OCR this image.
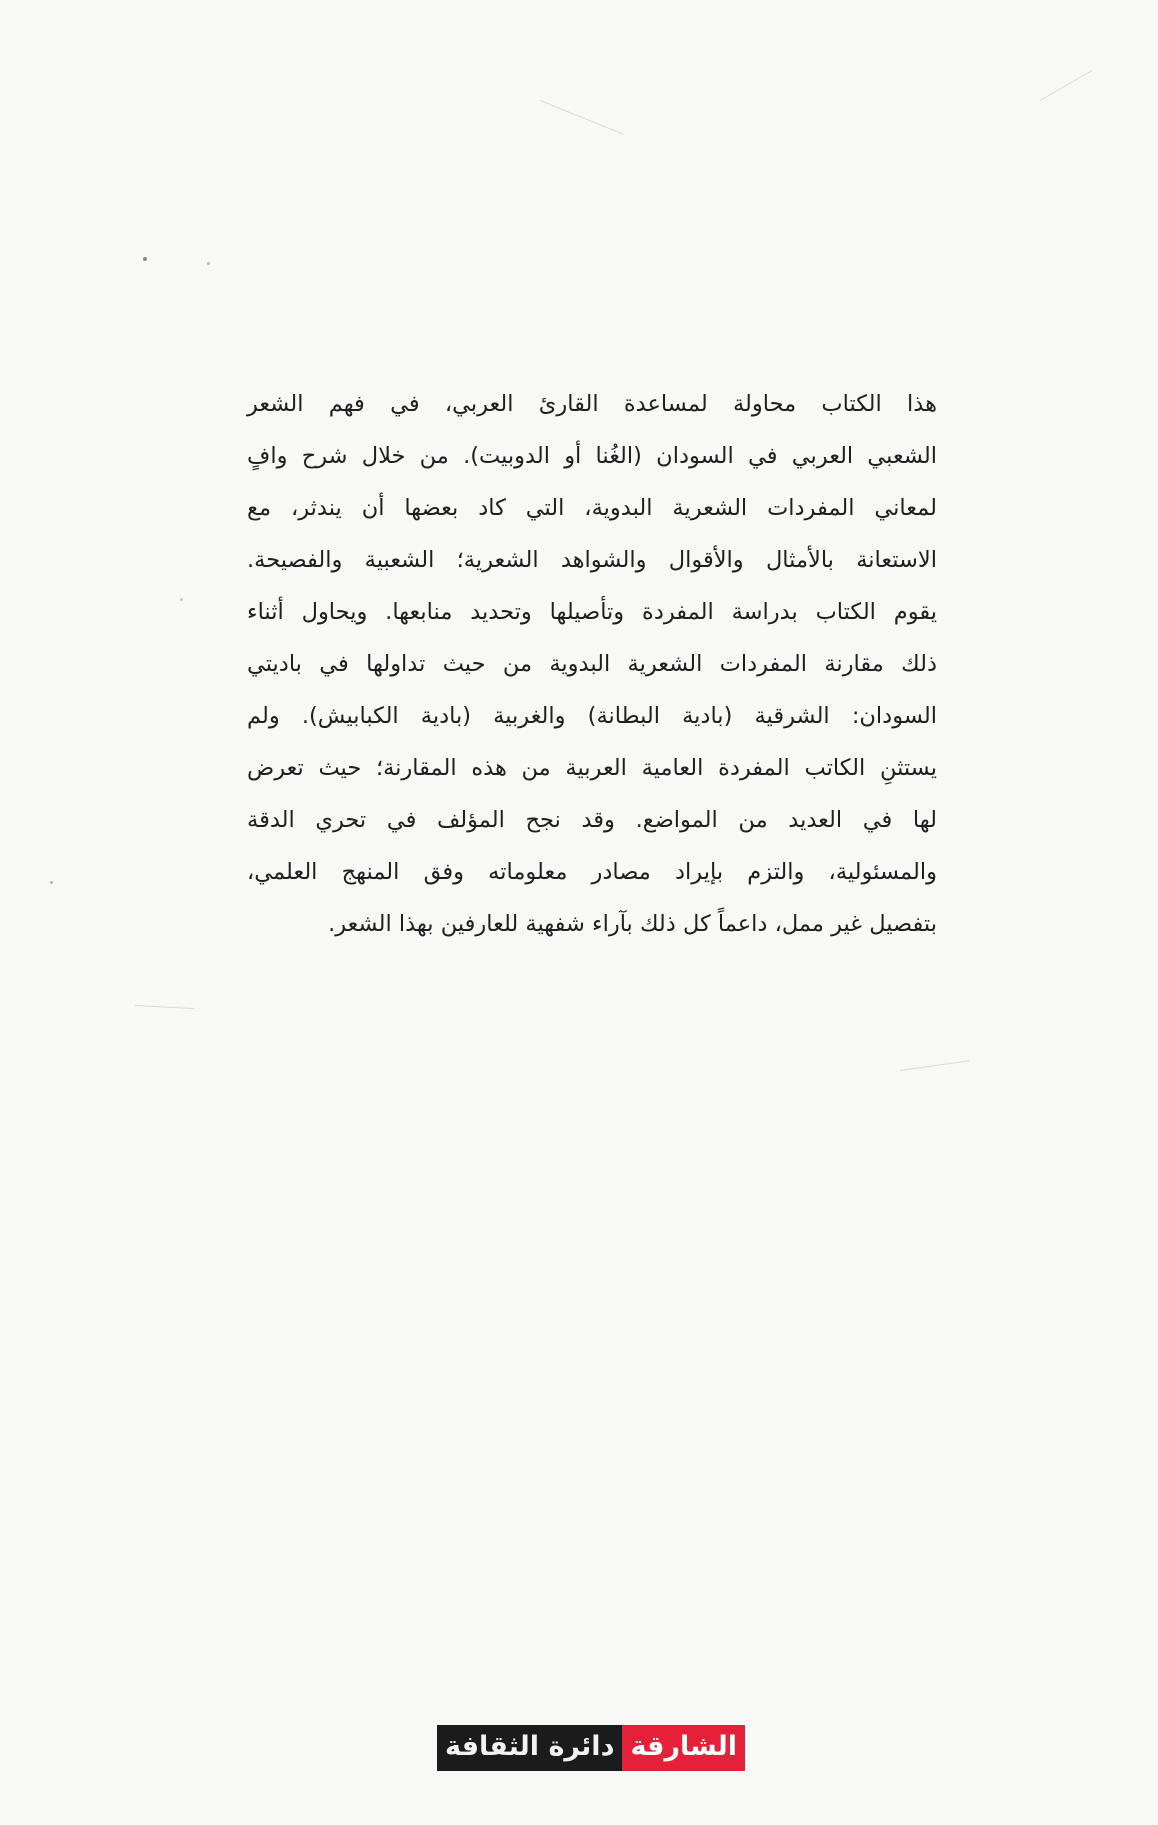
هذا الكتاب محاولة لمساعدة القارئ العربي، في فهم الشعر
الشعبي العربي في السودان (الغُنا أو الدوبيت). من خلال شرح وافٍ
لمعاني المفردات الشعرية البدوية، التي كاد بعضها أن يندثر، مع
الاستعانة بالأمثال والأقوال والشواهد الشعرية؛ الشعبية والفصيحة.
يقوم الكتاب بدراسة المفردة وتأصيلها وتحديد منابعها. ويحاول أثناء
ذلك مقارنة المفردات الشعرية البدوية من حيث تداولها في باديتي
السودان: الشرقية (بادية البطانة) والغربية (بادية الكبابيش). ولم
يستثنِ الكاتب المفردة العامية العربية من هذه المقارنة؛ حيث تعرض
لها في العديد من المواضع. وقد نجح المؤلف في تحري الدقة
والمسئولية، والتزم بإيراد مصادر معلوماته وفق المنهج العلمي،
بتفصيل غير ممل، داعماً كل ذلك بآراء شفهية للعارفين بهذا الشعر.
دائرة الثقافة الشارقة
